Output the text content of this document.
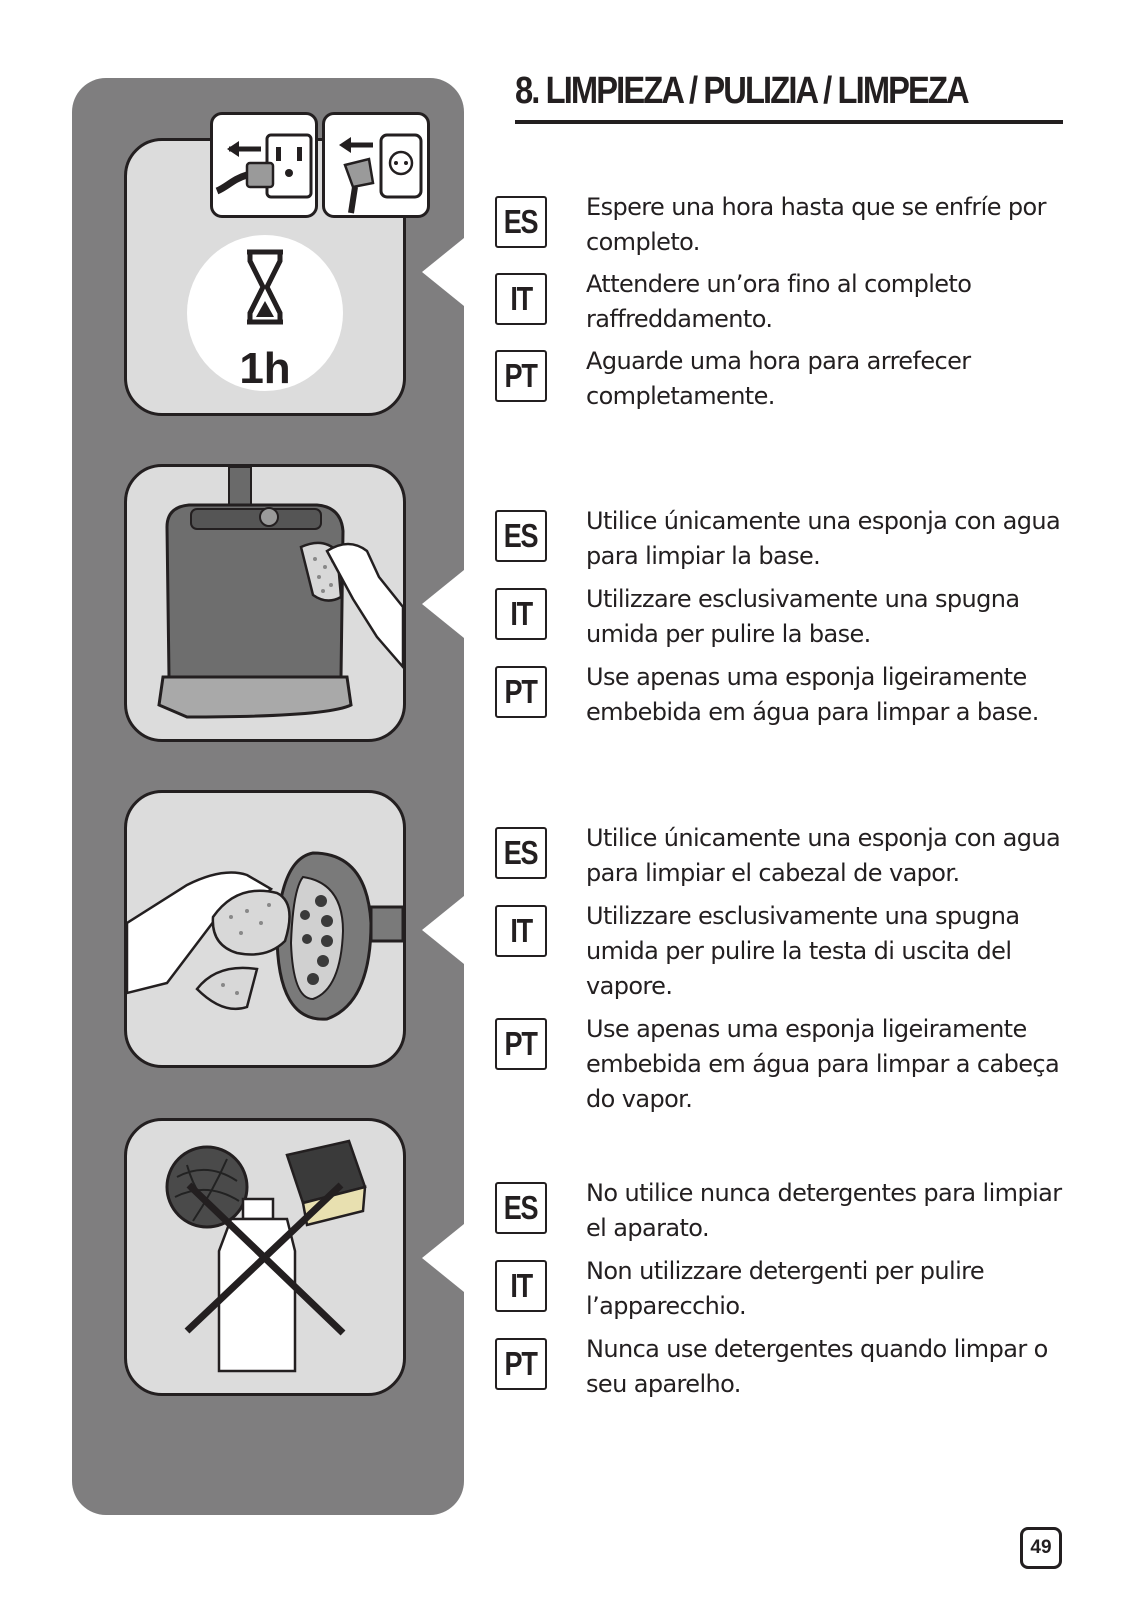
1h
8. LIMPIEZA / PULIZIA / LIMPEZA
ES	Espere una hora hasta que se enfríe por completo.
IT	Attendere un’ora fino al completo raffreddamento.
PT	Aguarde uma hora para arrefecer completamente.
ES	Utilice únicamente una esponja con agua para limpiar la base.
IT	Utilizzare esclusivamente una spugna umida per pulire la base.
PT	Use apenas uma esponja ligeiramente embebida em água para limpar a base.
ES	Utilice únicamente una esponja con agua para limpiar el cabezal de vapor.
IT	Utilizzare esclusivamente una spugna umida per pulire la testa di uscita del vapore.
PT	Use apenas uma esponja ligeiramente embebida em água para limpar a cabeça do vapor.
ES	No utilice nunca detergentes para limpiar el aparato.
IT	Non utilizzare detergenti per pulire l’apparecchio.
PT	Nunca use detergentes quando limpar o seu aparelho.
49
